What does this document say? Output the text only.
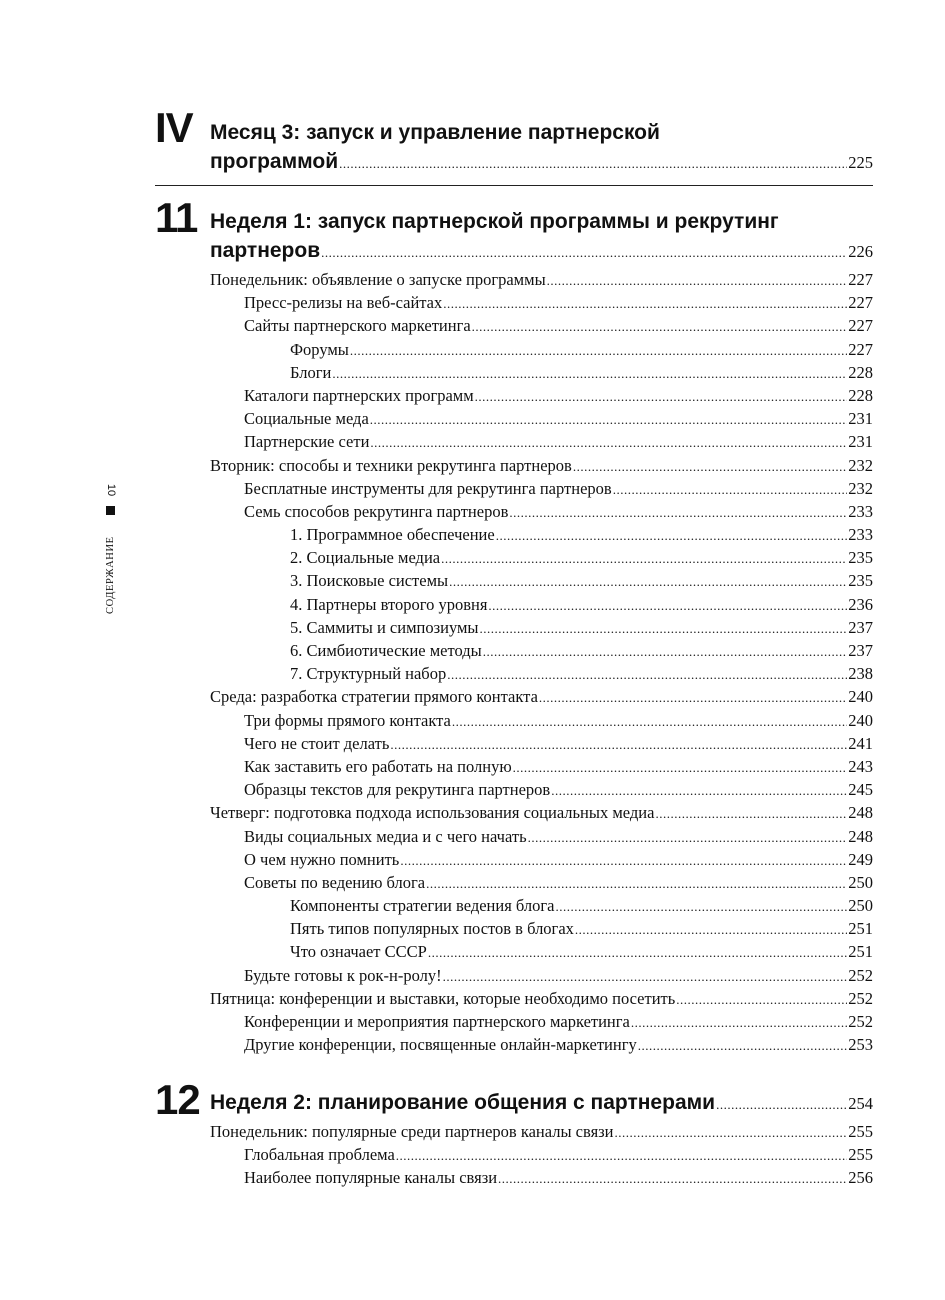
10
СОДЕРЖАНИЕ
IV Месяц 3: запуск и управление партнерской
программой .....	225
11 Неделя 1: запуск партнерской программы и рекрутинг
партнеров .....	226
Понедельник: объявление о запуске программы .....	227
Пресс-релизы на веб-сайтах .....	227
Сайты партнерского маркетинга .....	227
Форумы .....	227
Блоги .....	228
Каталоги партнерских программ .....	228
Социальные меда .....	231
Партнерские сети .....	231
Вторник: способы и техники рекрутинга партнеров .....	232
Бесплатные инструменты для рекрутинга партнеров .....	232
Семь способов рекрутинга партнеров .....	233
1. Программное обеспечение .....	233
2. Социальные медиа .....	235
3. Поисковые системы .....	235
4. Партнеры второго уровня .....	236
5. Саммиты и симпозиумы .....	237
6. Симбиотические методы .....	237
7. Структурный набор .....	238
Среда: разработка стратегии прямого контакта .....	240
Три формы прямого контакта .....	240
Чего не стоит делать .....	241
Как заставить его работать на полную .....	243
Образцы текстов для рекрутинга партнеров .....	245
Четверг: подготовка подхода использования социальных медиа .....	248
Виды социальных медиа и с чего начать .....	248
О чем нужно помнить .....	249
Советы по ведению блога .....	250
Компоненты стратегии ведения блога .....	250
Пять типов популярных постов в блогах .....	251
Что означает СССР .....	251
Будьте готовы к рок-н-ролу! .....	252
Пятница: конференции и выставки, которые необходимо посетить .....	252
Конференции и мероприятия партнерского маркетинга .....	252
Другие конференции, посвященные онлайн-маркетингу .....	253
12 Неделя 2: планирование общения с партнерами .....	254
Понедельник: популярные среди партнеров каналы связи .....	255
Глобальная проблема .....	255
Наиболее популярные каналы связи .....	256
